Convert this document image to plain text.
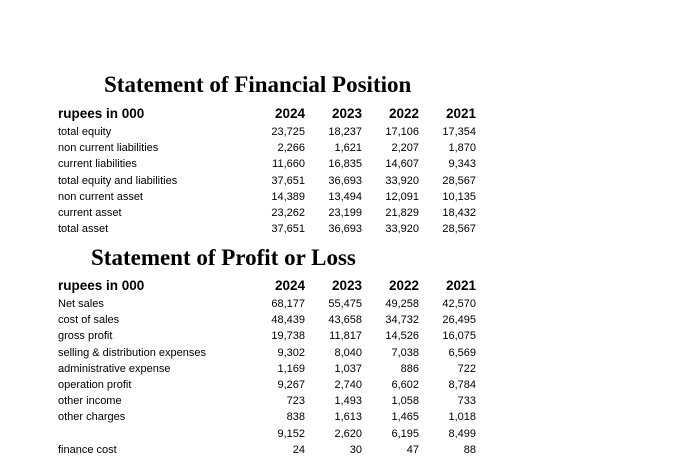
Statement of Financial Position
rupees in 000	2024	2023	2022	2021
total equity	23,725	18,237	17,106	17,354
non current liabilities	2,266	1,621	2,207	1,870
current liabilities	11,660	16,835	14,607	9,343
total equity and liabilities	37,651	36,693	33,920	28,567
non current asset	14,389	13,494	12,091	10,135
current asset	23,262	23,199	21,829	18,432
total asset	37,651	36,693	33,920	28,567
Statement of Profit or Loss
rupees in 000	2024	2023	2022	2021
Net sales	68,177	55,475	49,258	42,570
cost of sales	48,439	43,658	34,732	26,495
gross profit	19,738	11,817	14,526	16,075
selling & distribution expenses	9,302	8,040	7,038	6,569
administrative expense	1,169	1,037	886	722
operation profit	9,267	2,740	6,602	8,784
other income	723	1,493	1,058	733
other charges	838	1,613	1,465	1,018
	9,152	2,620	6,195	8,499
finance cost	24	30	47	88
